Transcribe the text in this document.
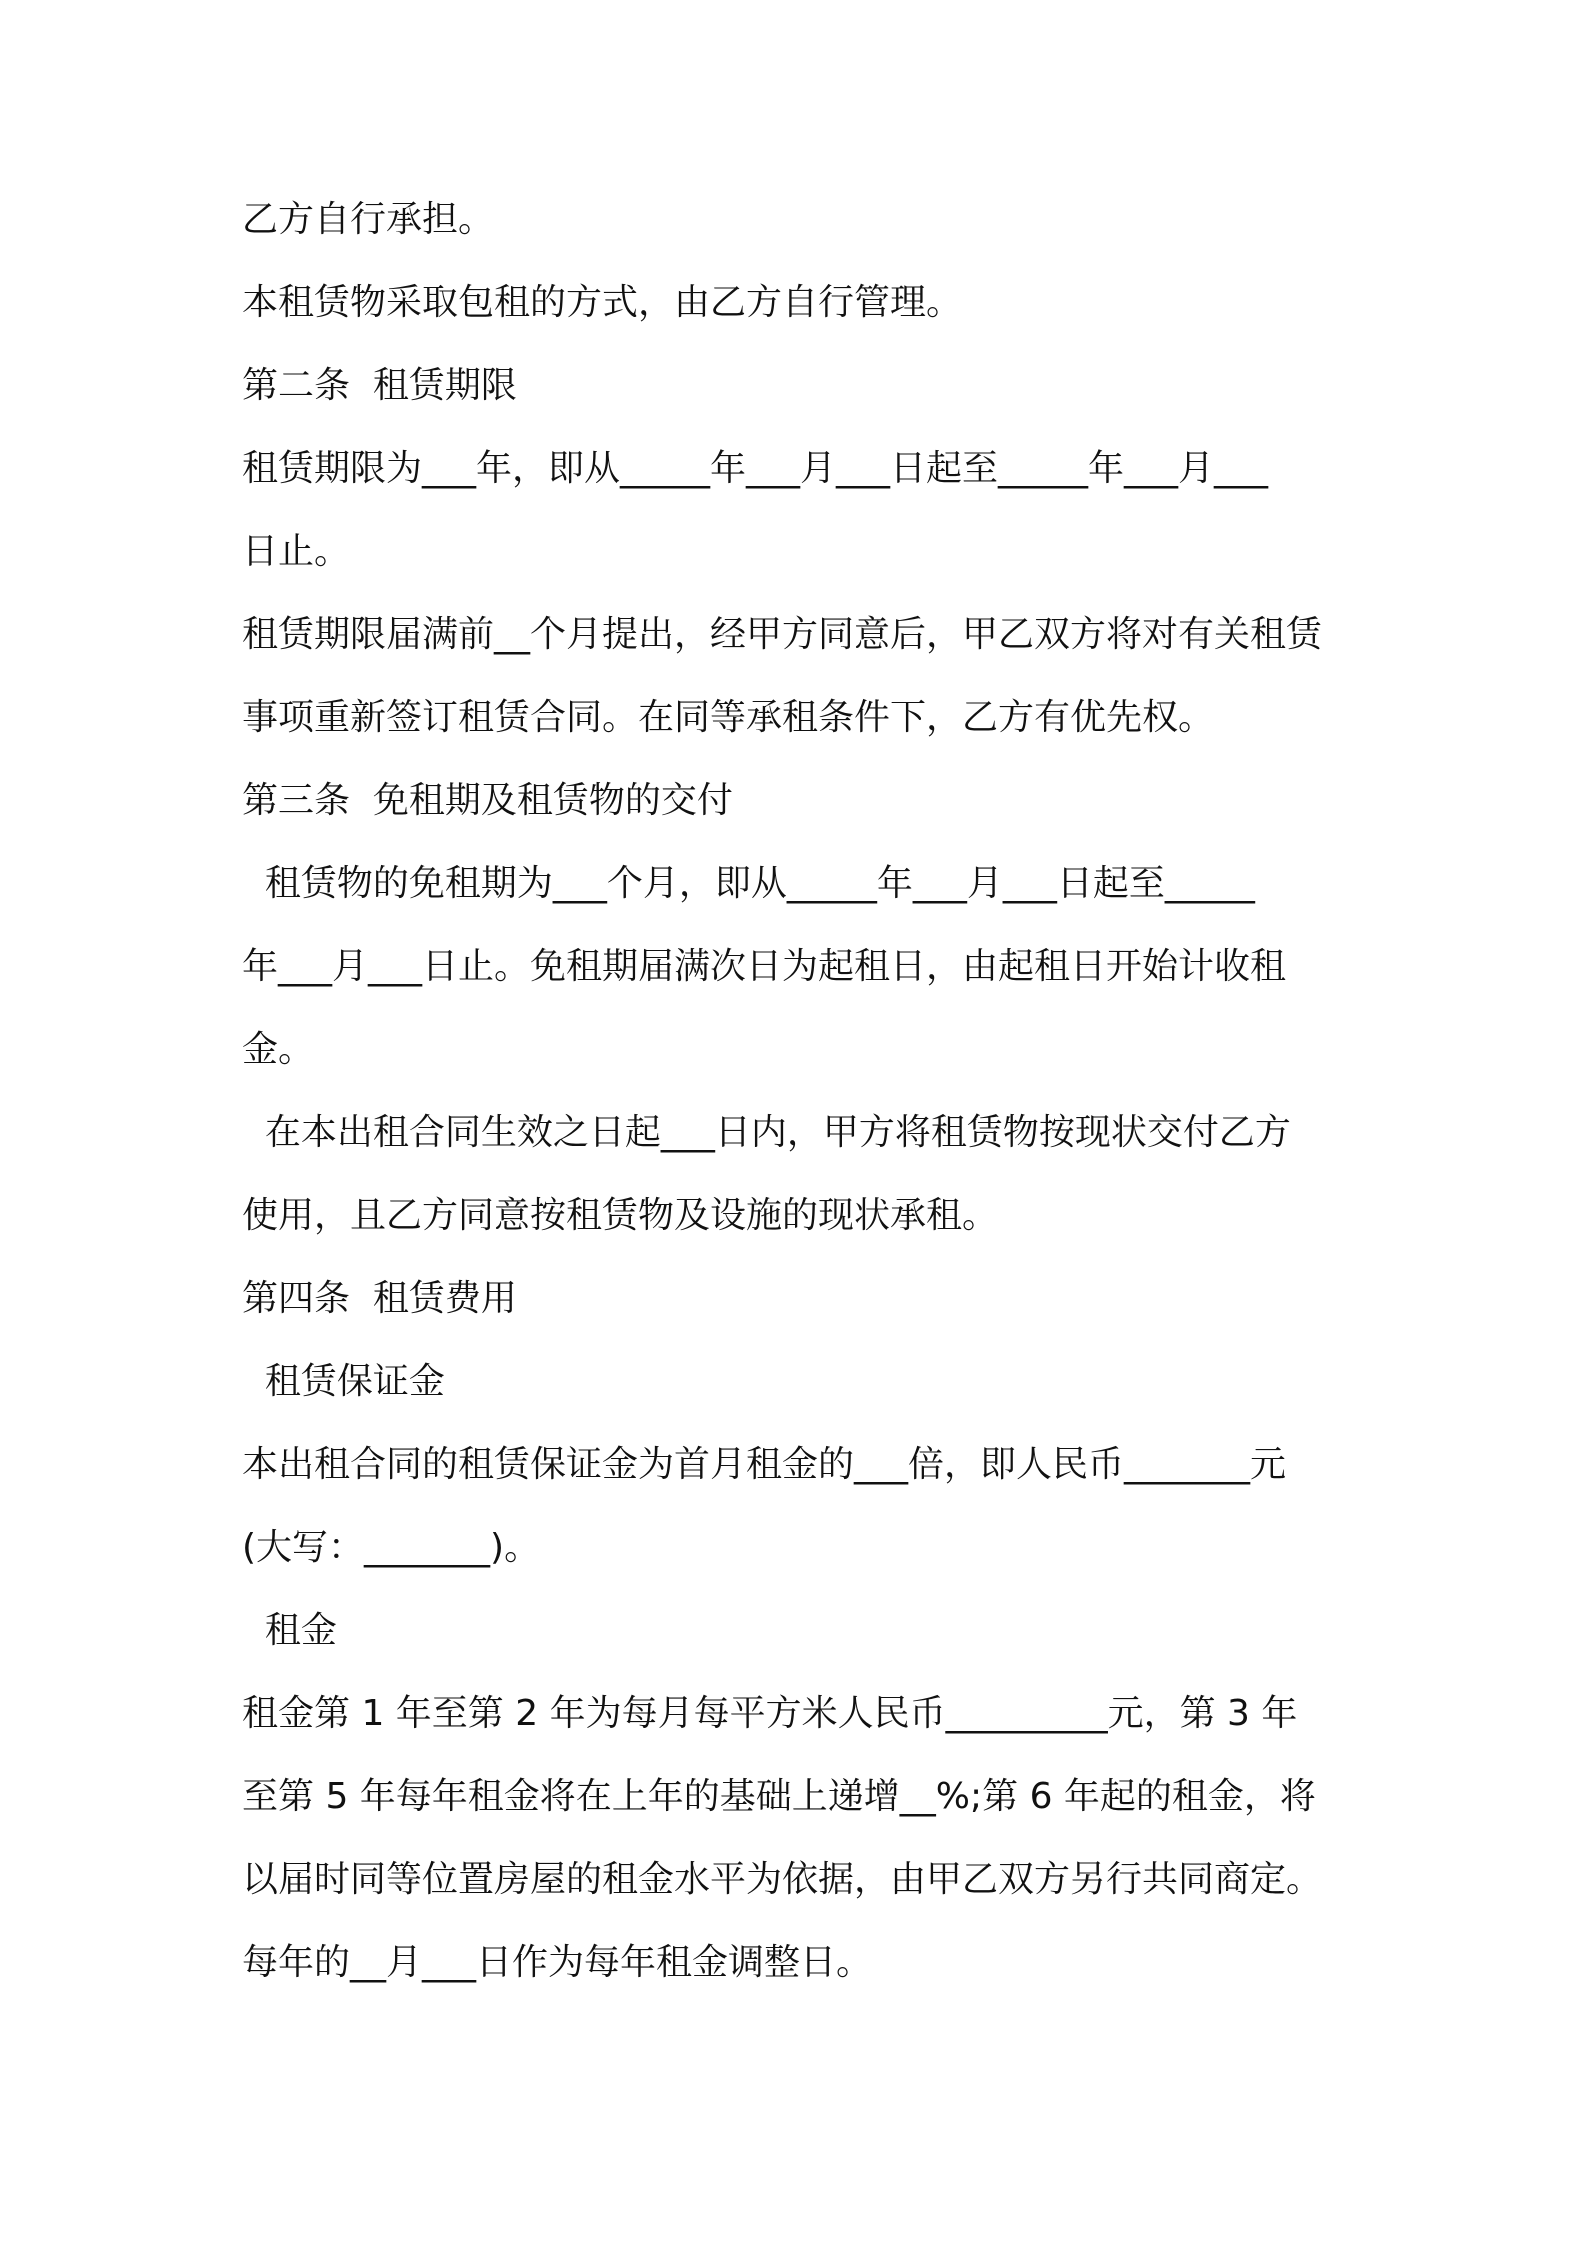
乙方自行承担。
本租赁物采取包租的方式，由乙方自行管理。
第二条  租赁期限
租赁期限为___年，即从_____年___月___日起至_____年___月___
日止。
租赁期限届满前__个月提出，经甲方同意后，甲乙双方将对有关租赁
事项重新签订租赁合同。在同等承租条件下，乙方有优先权。
第三条  免租期及租赁物的交付
租赁物的免租期为___个月，即从_____年___月___日起至_____
年___月___日止。免租期届满次日为起租日，由起租日开始计收租
金。
在本出租合同生效之日起___日内，甲方将租赁物按现状交付乙方
使用，且乙方同意按租赁物及设施的现状承租。
第四条  租赁费用
租赁保证金
本出租合同的租赁保证金为首月租金的___倍，即人民币_______元
(大写：_______)。
租金
租金第 1 年至第 2 年为每月每平方米人民币_________元，第 3 年
至第 5 年每年租金将在上年的基础上递增__%;第 6 年起的租金，将
以届时同等位置房屋的租金水平为依据，由甲乙双方另行共同商定。
每年的__月___日作为每年租金调整日。
